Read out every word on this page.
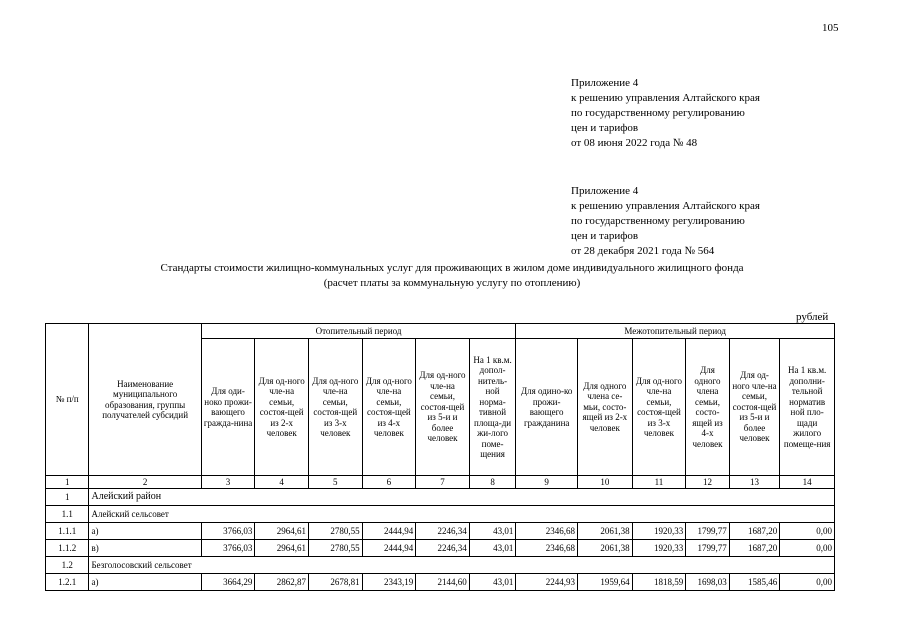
105
Приложение 4
к решению управления Алтайского края
по государственному регулированию
цен и тарифов
от 08 июня 2022 года № 48
Приложение 4
к решению управления Алтайского края
по государственному регулированию
цен и тарифов
от 28 декабря 2021 года № 564
Стандарты стоимости жилищно-коммунальных услуг для проживающих в жилом доме индивидуального жилищного фонда
(расчет платы за коммунальную услугу по отоплению)
рублей
№ п/п	Наименование муниципального образования, группы получателей субсидий	Отопительный период						Межотопительный период					
		Для оди-ноко прожи-вающего гражда-нина	Для од-ного чле-на семьи, состоя-щей из 2-х человек	Для од-ного чле-на семьи, состоя-щей из 3-х человек	Для од-ного чле-на семьи, состоя-щей из 4-х человек	Для од-ного чле-на семьи, состоя-щей из 5-и и более человек	На 1 кв.м. допол-нитель-ной норма-тивной площа-ди жи-лого поме-щения	Для одино-ко прожи-вающего гражданина	Для одного члена се-мьи, состо-ящей из 2-х человек	Для од-ного чле-на семьи, состоя-щей из 3-х человек	Для одного члена семьи, состо-ящей из 4-х человек	Для од-ного чле-на семьи, состоя-щей из 5-и и более человек	На 1 кв.м. дополни-тельной норматив ной пло-щади жилого помеще-ния
1	2	3	4	5	6	7	8	9	10	11	12	13	14
1	Алейский район												
1.1	Алейский сельсовет												
1.1.1	а)	3766,03	2964,61	2780,55	2444,94	2246,34	43,01	2346,68	2061,38	1920,33	1799,77	1687,20	0,00
1.1.2	в)	3766,03	2964,61	2780,55	2444,94	2246,34	43,01	2346,68	2061,38	1920,33	1799,77	1687,20	0,00
1.2	Безголосовский сельсовет												
1.2.1	а)	3664,29	2862,87	2678,81	2343,19	2144,60	43,01	2244,93	1959,64	1818,59	1698,03	1585,46	0,00
